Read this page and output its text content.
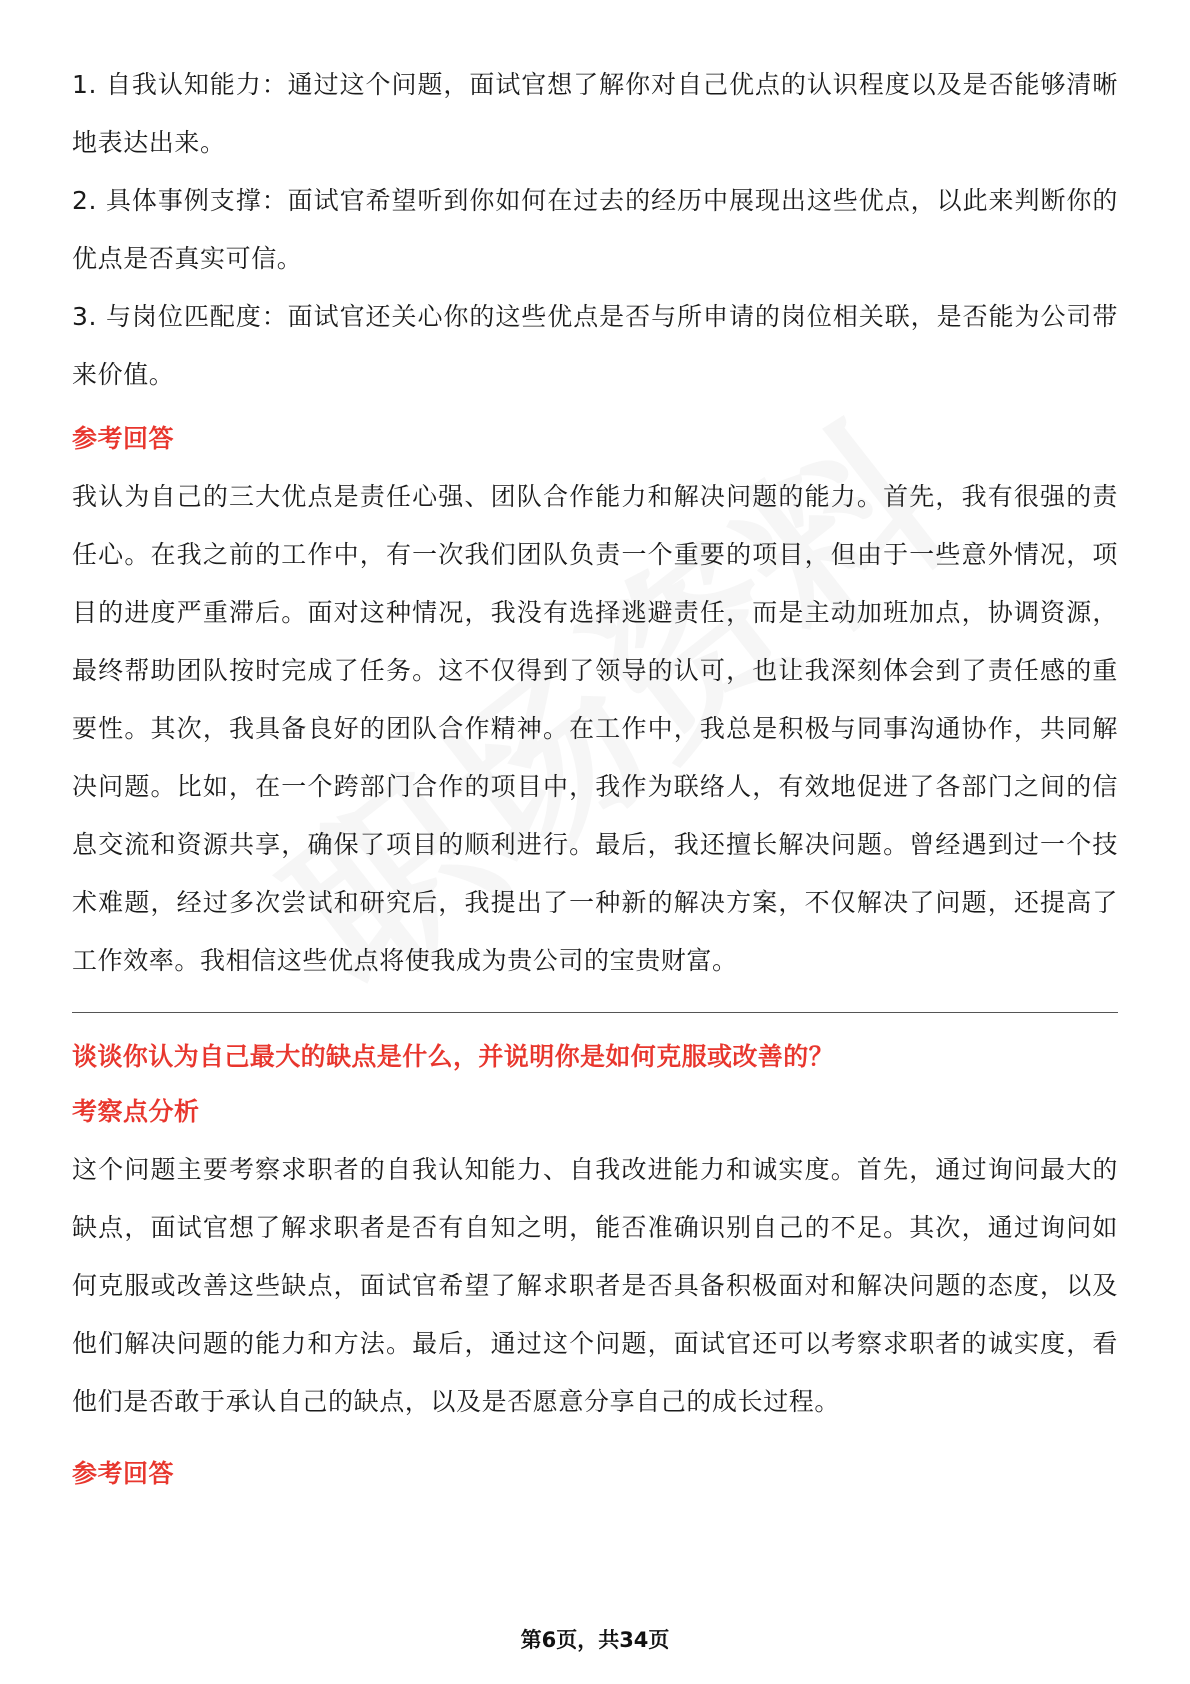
1. 自我认知能力：通过这个问题，面试官想了解你对自己优点的认识程度以及是否能够清晰地表达出来。

2. 具体事例支撑：面试官希望听到你如何在过去的经历中展现出这些优点，以此来判断你的优点是否真实可信。

3. 与岗位匹配度：面试官还关心你的这些优点是否与所申请的岗位相关联，是否能为公司带来价值。

参考回答

我认为自己的三大优点是责任心强、团队合作能力和解决问题的能力。首先，我有很强的责任心。在我之前的工作中，有一次我们团队负责一个重要的项目，但由于一些意外情况，项目的进度严重滞后。面对这种情况，我没有选择逃避责任，而是主动加班加点，协调资源，最终帮助团队按时完成了任务。这不仅得到了领导的认可，也让我深刻体会到了责任感的重要性。其次，我具备良好的团队合作精神。在工作中，我总是积极与同事沟通协作，共同解决问题。比如，在一个跨部门合作的项目中，我作为联络人，有效地促进了各部门之间的信息交流和资源共享，确保了项目的顺利进行。最后，我还擅长解决问题。曾经遇到过一个技术难题，经过多次尝试和研究后，我提出了一种新的解决方案，不仅解决了问题，还提高了工作效率。我相信这些优点将使我成为贵公司的宝贵财富。

谈谈你认为自己最大的缺点是什么，并说明你是如何克服或改善的？

考察点分析

这个问题主要考察求职者的自我认知能力、自我改进能力和诚实度。首先，通过询问最大的缺点，面试官想了解求职者是否有自知之明，能否准确识别自己的不足。其次，通过询问如何克服或改善这些缺点，面试官希望了解求职者是否具备积极面对和解决问题的态度，以及他们解决问题的能力和方法。最后，通过这个问题，面试官还可以考察求职者的诚实度，看他们是否敢于承认自己的缺点，以及是否愿意分享自己的成长过程。

参考回答

第6页，共34页
